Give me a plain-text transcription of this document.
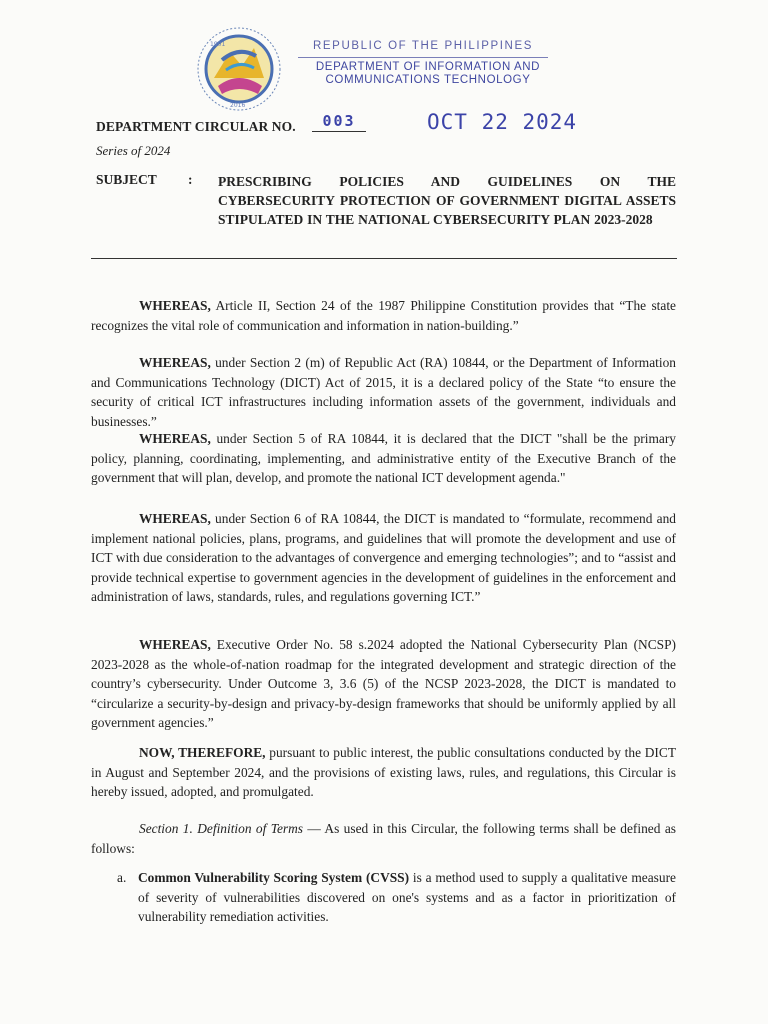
1901
2016
REPUBLIC OF THE PHILIPPINES
DEPARTMENT OF INFORMATION AND
COMMUNICATIONS TECHNOLOGY
DEPARTMENT CIRCULAR NO.	003	OCT 22 2024
Series of 2024
SUBJECT : PRESCRIBING POLICIES AND GUIDELINES ON THE CYBERSECURITY PROTECTION OF GOVERNMENT DIGITAL ASSETS STIPULATED IN THE NATIONAL CYBERSECURITY PLAN 2023-2028

WHEREAS, Article II, Section 24 of the 1987 Philippine Constitution provides that “The state recognizes the vital role of communication and information in nation-building.”

WHEREAS, under Section 2 (m) of Republic Act (RA) 10844, or the Department of Information and Communications Technology (DICT) Act of 2015, it is a declared policy of the State “to ensure the security of critical ICT infrastructures including information assets of the government, individuals and businesses.”

WHEREAS, under Section 5 of RA 10844, it is declared that the DICT "shall be the primary policy, planning, coordinating, implementing, and administrative entity of the Executive Branch of the government that will plan, develop, and promote the national ICT development agenda."

WHEREAS, under Section 6 of RA 10844, the DICT is mandated to “formulate, recommend and implement national policies, plans, programs, and guidelines that will promote the development and use of ICT with due consideration to the advantages of convergence and emerging technologies”; and to “assist and provide technical expertise to government agencies in the development of guidelines in the enforcement and administration of laws, standards, rules, and regulations governing ICT.”

WHEREAS, Executive Order No. 58 s.2024 adopted the National Cybersecurity Plan (NCSP) 2023-2028 as the whole-of-nation roadmap for the integrated development and strategic direction of the country’s cybersecurity. Under Outcome 3, 3.6 (5) of the NCSP 2023-2028, the DICT is mandated to “circularize a security-by-design and privacy-by-design frameworks that should be uniformly applied by all government agencies.”

NOW, THEREFORE, pursuant to public interest, the public consultations conducted by the DICT in August and September 2024, and the provisions of existing laws, rules, and regulations, this Circular is hereby issued, adopted, and promulgated.

Section 1. Definition of Terms — As used in this Circular, the following terms shall be defined as follows:

a. Common Vulnerability Scoring System (CVSS) is a method used to supply a qualitative measure of severity of vulnerabilities discovered on one's systems and as a factor in prioritization of vulnerability remediation activities.
